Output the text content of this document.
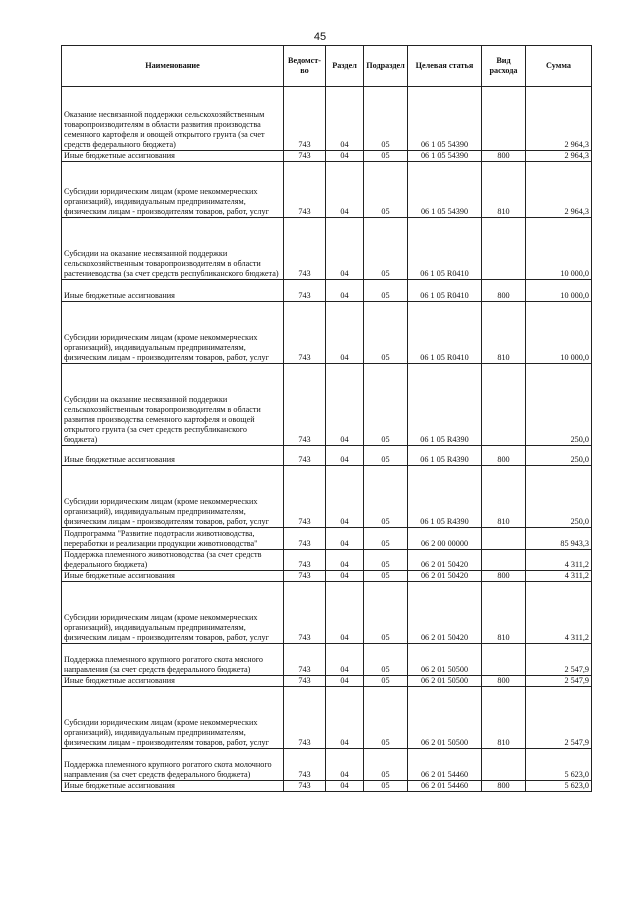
45
Наименование	Ведомст-во	Раздел	Подраздел	Целевая статья	Вид расхода	Сумма
Оказание несвязанной поддержки сельскохозяйственным товаропроизводителям в области развития производства семенного картофеля и овощей открытого грунта (за счет средств федерального бюджета)	743	04	05	06 1 05 54390		2 964,3
Иные бюджетные ассигнования	743	04	05	06 1 05 54390	800	2 964,3
Субсидии юридическим лицам (кроме некоммерческих организаций), индивидуальным предпринимателям, физическим лицам - производителям товаров, работ, услуг	743	04	05	06 1 05 54390	810	2 964,3
Субсидии на оказание несвязанной поддержки сельскохозяйственным товаропроизводителям в области растениеводства (за счет средств республиканского бюджета)	743	04	05	06 1 05 R0410		10 000,0
Иные бюджетные ассигнования	743	04	05	06 1 05 R0410	800	10 000,0
Субсидии юридическим лицам (кроме некоммерческих организаций), индивидуальным предпринимателям, физическим лицам - производителям товаров, работ, услуг	743	04	05	06 1 05 R0410	810	10 000,0
Субсидии на оказание несвязанной поддержки сельскохозяйственным товаропроизводителям в области развития производства семенного картофеля и овощей открытого грунта (за счет средств республиканского бюджета)	743	04	05	06 1 05 R4390		250,0
Иные бюджетные ассигнования	743	04	05	06 1 05 R4390	800	250,0
Субсидии юридическим лицам (кроме некоммерческих организаций), индивидуальным предпринимателям, физическим лицам - производителям товаров, работ, услуг	743	04	05	06 1 05 R4390	810	250,0
Подпрограмма "Развитие подотрасли животноводства, переработки и реализации продукции животноводства"	743	04	05	06 2 00 00000		85 943,3
Поддержка племенного животноводства (за счет средств федерального бюджета)	743	04	05	06 2 01 50420		4 311,2
Иные бюджетные ассигнования	743	04	05	06 2 01 50420	800	4 311,2
Субсидии юридическим лицам (кроме некоммерческих организаций), индивидуальным предпринимателям, физическим лицам - производителям товаров, работ, услуг	743	04	05	06 2 01 50420	810	4 311,2
Поддержка племенного крупного рогатого скота мясного направления (за счет средств федерального бюджета)	743	04	05	06 2 01 50500		2 547,9
Иные бюджетные ассигнования	743	04	05	06 2 01 50500	800	2 547,9
Субсидии юридическим лицам (кроме некоммерческих организаций), индивидуальным предпринимателям, физическим лицам - производителям товаров, работ, услуг	743	04	05	06 2 01 50500	810	2 547,9
Поддержка племенного крупного рогатого скота молочного направления (за счет средств федерального бюджета)	743	04	05	06 2 01 54460		5 623,0
Иные бюджетные ассигнования	743	04	05	06 2 01 54460	800	5 623,0
